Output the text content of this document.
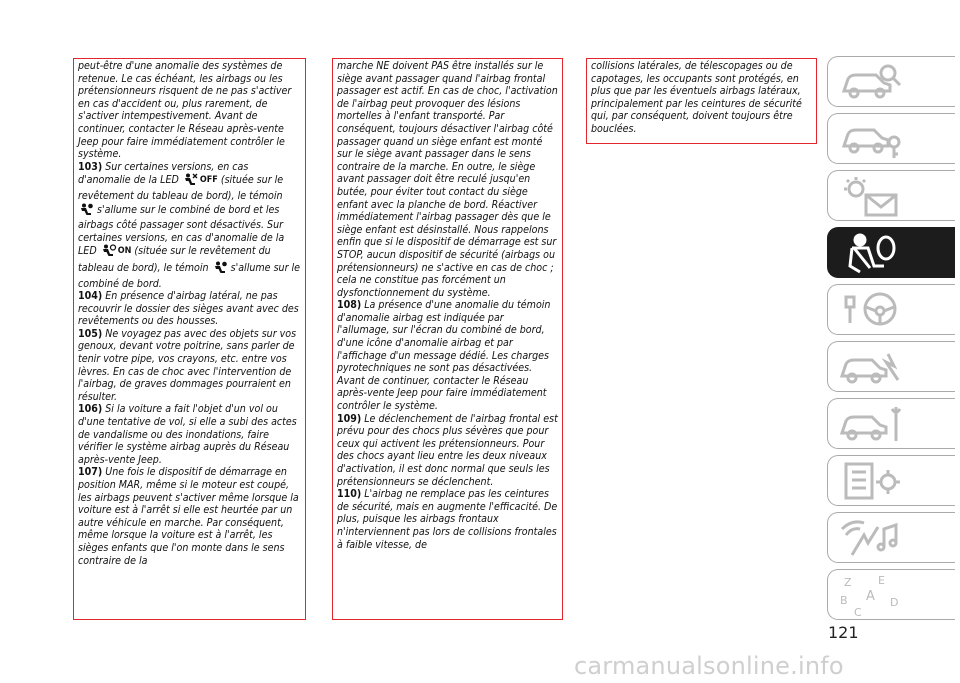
peut-être d'une anomalie des systèmes de retenue. Le cas échéant, les airbags ou les prétensionneurs risquent de ne pas s'activer en cas d'accident ou, plus rarement, de s'activer intempestivement. Avant de continuer, contacter le Réseau après-vente Jeep pour faire immédiatement contrôler le système.

103) Sur certaines versions, en cas d'anomalie de la LED OFF (située sur le revêtement du tableau de bord), le témoin  s'allume sur le combiné de bord et les airbags côté passager sont désactivés. Sur certaines versions, en cas d'anomalie de la LED ON (située sur le revêtement du tableau de bord), le témoin s'allume sur le combiné de bord.

104) En présence d'airbag latéral, ne pas recouvrir le dossier des sièges avant avec des revêtements ou des housses.

105) Ne voyagez pas avec des objets sur vos genoux, devant votre poitrine, sans parler de tenir votre pipe, vos crayons, etc. entre vos lèvres. En cas de choc avec l'intervention de l'airbag, de graves dommages pourraient en résulter.

106) Si la voiture a fait l'objet d'un vol ou d'une tentative de vol, si elle a subi des actes de vandalisme ou des inondations, faire vérifier le système airbag auprès du Réseau après-vente Jeep.

107) Une fois le dispositif de démarrage en position MAR, même si le moteur est coupé, les airbags peuvent s'activer même lorsque la voiture est à l'arrêt si elle est heurtée par un autre véhicule en marche. Par conséquent, même lorsque la voiture est à l'arrêt, les sièges enfants que l'on monte dans le sens contraire de la

marche NE doivent PAS être installés sur le siège avant passager quand l'airbag frontal passager est actif. En cas de choc, l'activation de l'airbag peut provoquer des lésions mortelles à l'enfant transporté. Par conséquent, toujours désactiver l'airbag côté passager quand un siège enfant est monté sur le siège avant passager dans le sens contraire de la marche. En outre, le siège avant passager doit être reculé jusqu'en butée, pour éviter tout contact du siège enfant avec la planche de bord. Réactiver immédiatement l'airbag passager dès que le siège enfant est désinstallé. Nous rappelons enfin que si le dispositif de démarrage est sur STOP, aucun dispositif de sécurité (airbags ou prétensionneurs) ne s'active en cas de choc ; cela ne constitue pas forcément un dysfonctionnement du système.

108) La présence d'une anomalie du témoin d'anomalie airbag est indiquée par l'allumage, sur l'écran du combiné de bord, d'une icône d'anomalie airbag et par l'affichage d'un message dédié. Les charges pyrotechniques ne sont pas désactivées. Avant de continuer, contacter le Réseau après-vente Jeep pour faire immédiatement contrôler le système.

109) Le déclenchement de l'airbag frontal est prévu pour des chocs plus sévères que pour ceux qui activent les prétensionneurs. Pour des chocs ayant lieu entre les deux niveaux d'activation, il est donc normal que seuls les prétensionneurs se déclenchent.

110) L'airbag ne remplace pas les ceintures de sécurité, mais en augmente l'efficacité. De plus, puisque les airbags frontaux n'interviennent pas lors de collisions frontales à faible vitesse, de

collisions latérales, de télescopages ou de capotages, les occupants sont protégés, en plus que par les éventuels airbags latéraux, principalement par les ceintures de sécurité qui, par conséquent, doivent toujours être bouclées.

Z E
B A D
C
121
carmanualsonline.info
